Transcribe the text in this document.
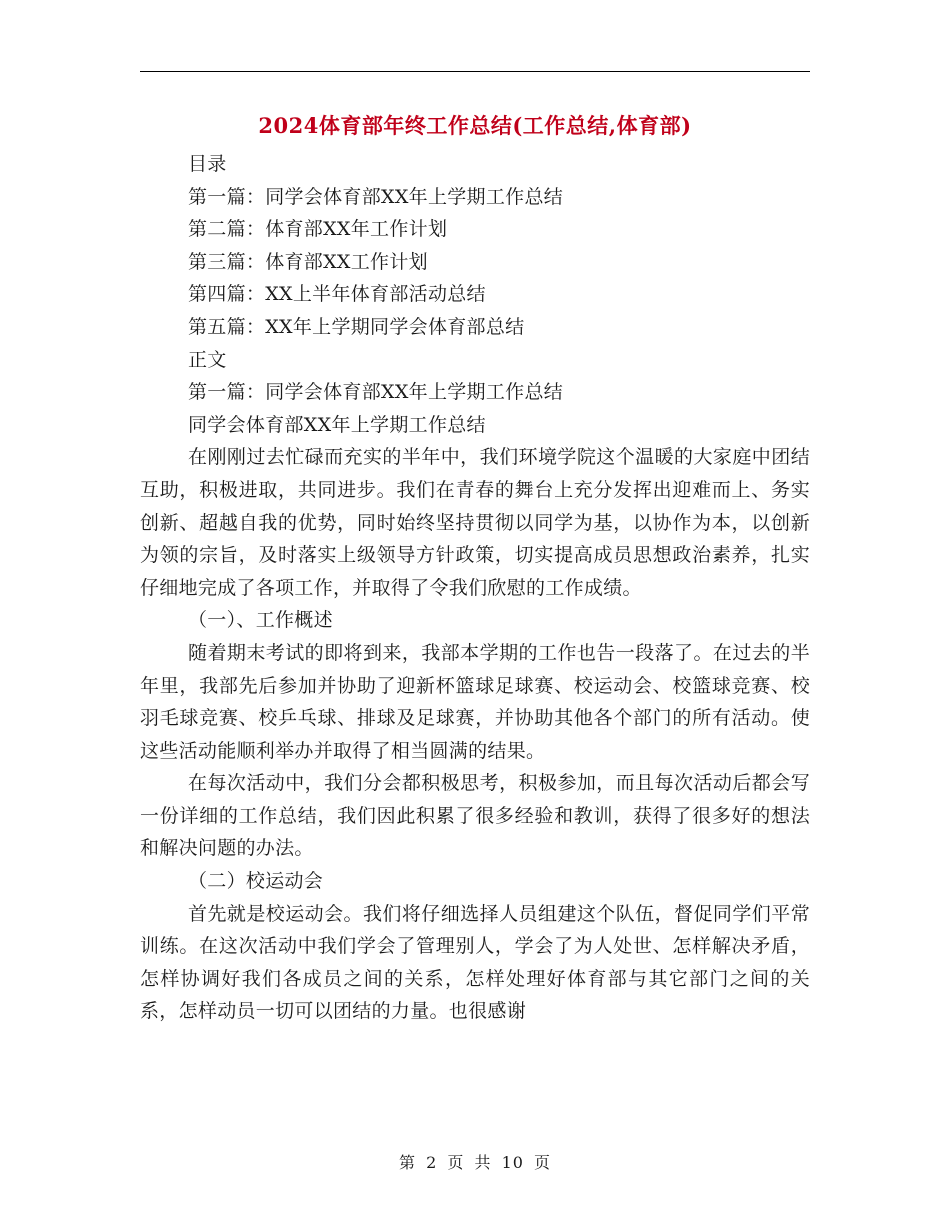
2024体育部年终工作总结(工作总结,体育部)

目录

第一篇：同学会体育部XX年上学期工作总结

第二篇：体育部XX年工作计划

第三篇：体育部XX工作计划

第四篇：XX上半年体育部活动总结

第五篇：XX年上学期同学会体育部总结

正文

第一篇：同学会体育部XX年上学期工作总结

同学会体育部XX年上学期工作总结

在刚刚过去忙碌而充实的半年中，我们环境学院这个温暖的大家庭中团结互助，积极进取，共同进步。我们在青春的舞台上充分发挥出迎难而上、务实创新、超越自我的优势，同时始终坚持贯彻以同学为基，以协作为本，以创新为领的宗旨，及时落实上级领导方针政策，切实提高成员思想政治素养，扎实仔细地完成了各项工作，并取得了令我们欣慰的工作成绩。

（一）、工作概述

随着期末考试的即将到来，我部本学期的工作也告一段落了。在过去的半年里，我部先后参加并协助了迎新杯篮球足球赛、校运动会、校篮球竞赛、校羽毛球竞赛、校乒乓球、排球及足球赛，并协助其他各个部门的所有活动。使这些活动能顺利举办并取得了相当圆满的结果。

在每次活动中，我们分会都积极思考，积极参加，而且每次活动后都会写一份详细的工作总结，我们因此积累了很多经验和教训，获得了很多好的想法和解决问题的办法。

（二）校运动会

首先就是校运动会。我们将仔细选择人员组建这个队伍，督促同学们平常训练。在这次活动中我们学会了管理别人，学会了为人处世、怎样解决矛盾，怎样协调好我们各成员之间的关系，怎样处理好体育部与其它部门之间的关系，怎样动员一切可以团结的力量。也很感谢

第 2 页 共 10 页
